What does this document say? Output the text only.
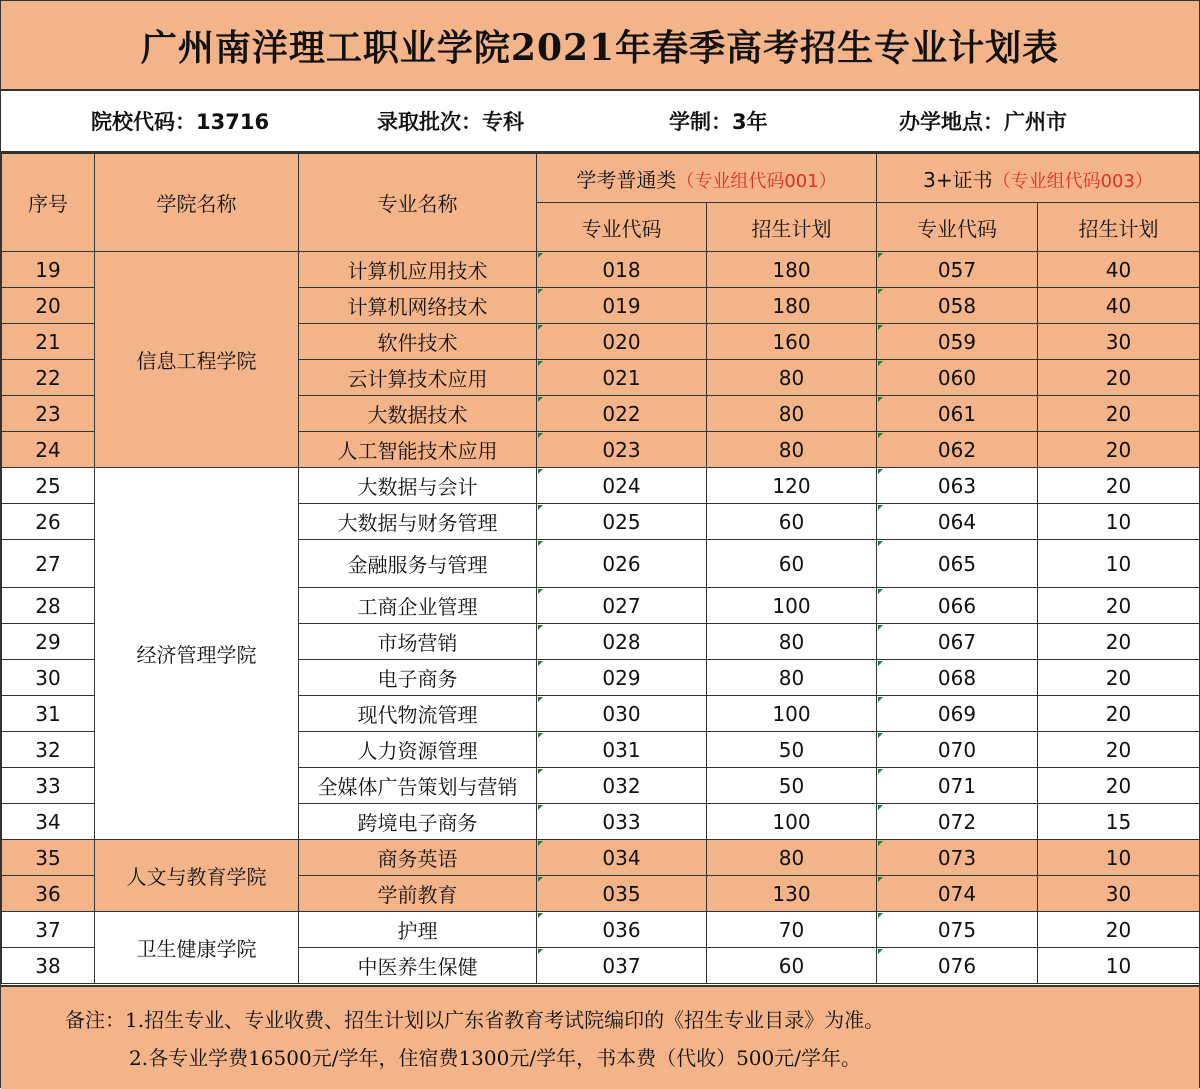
广州南洋理工职业学院2021年春季高考招生专业计划表
院校代码：13716	录取批次：专科	学制：3年	办学地点：广州市
序号	学院名称	专业名称	学考普通类（专业组代码001）		3+证书（专业组代码003）	
			专业代码	招生计划	专业代码	招生计划
19	信息工程学院	计算机应用技术	018	180	057	40
20		计算机网络技术	019	180	058	40
21		软件技术	020	160	059	30
22		云计算技术应用	021	80	060	20
23		大数据技术	022	80	061	20
24		人工智能技术应用	023	80	062	20
25	经济管理学院	大数据与会计	024	120	063	20
26		大数据与财务管理	025	60	064	10
27		金融服务与管理	026	60	065	10
28		工商企业管理	027	100	066	20
29		市场营销	028	80	067	20
30		电子商务	029	80	068	20
31		现代物流管理	030	100	069	20
32		人力资源管理	031	50	070	20
33		全媒体广告策划与营销	032	50	071	20
34		跨境电子商务	033	100	072	15
35	人文与教育学院	商务英语	034	80	073	10
36		学前教育	035	130	074	30
37	卫生健康学院	护理	036	70	075	20
38		中医养生保健	037	60	076	10
备注：1.招生专业、专业收费、招生计划以广东省教育考试院编印的《招生专业目录》为准。
2.各专业学费16500元/学年，住宿费1300元/学年，书本费（代收）500元/学年。
